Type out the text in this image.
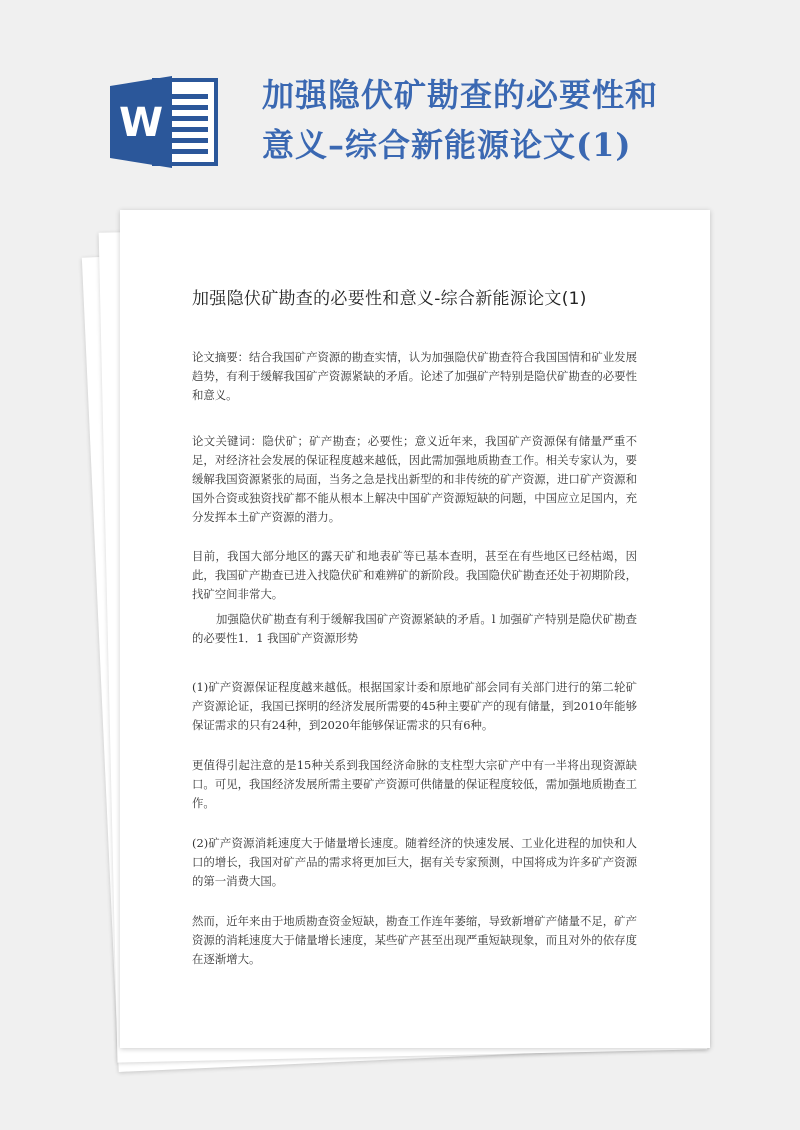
W
加强隐伏矿勘查的必要性和意义–综合新能源论文(1)
加强隐伏矿勘查的必要性和意义-综合新能源论文(1)

论文摘要：结合我国矿产资源的勘查实情，认为加强隐伏矿勘查符合我国国情和矿业发展趋势，有利于缓解我国矿产资源紧缺的矛盾。论述了加强矿产特别是隐伏矿勘查的必要性和意义。

论文关键词：隐伏矿；矿产勘查；必要性；意义近年来，我国矿产资源保有储量严重不足，对经济社会发展的保证程度越来越低，因此需加强地质勘查工作。相关专家认为，要缓解我国资源紧张的局面，当务之急是找出新型的和非传统的矿产资源，进口矿产资源和国外合资或独资找矿都不能从根本上解决中国矿产资源短缺的问题，中国应立足国内，充分发挥本土矿产资源的潜力。

目前，我国大部分地区的露天矿和地表矿等已基本查明，甚至在有些地区已经枯竭，因此，我国矿产勘查已进入找隐伏矿和难辨矿的新阶段。我国隐伏矿勘查还处于初期阶段，找矿空间非常大。

加强隐伏矿勘查有利于缓解我国矿产资源紧缺的矛盾。l 加强矿产特别是隐伏矿勘查的必要性1．1 我国矿产资源形势

(1)矿产资源保证程度越来越低。根据国家计委和原地矿部会同有关部门进行的第二轮矿产资源论证，我国已探明的经济发展所需要的45种主要矿产的现有储量，到2010年能够保证需求的只有24种，到2020年能够保证需求的只有6种。

更值得引起注意的是15种关系到我国经济命脉的支柱型大宗矿产中有一半将出现资源缺口。可见，我国经济发展所需主要矿产资源可供储量的保证程度较低，需加强地质勘查工作。

(2)矿产资源消耗速度大于储量增长速度。随着经济的快速发展、工业化进程的加快和人口的增长，我国对矿产品的需求将更加巨大，据有关专家预测，中国将成为许多矿产资源的第一消费大国。

然而，近年来由于地质勘查资金短缺，勘查工作连年萎缩，导致新增矿产储量不足，矿产资源的消耗速度大于储量增长速度，某些矿产甚至出现严重短缺现象，而且对外的依存度在逐渐增大。
